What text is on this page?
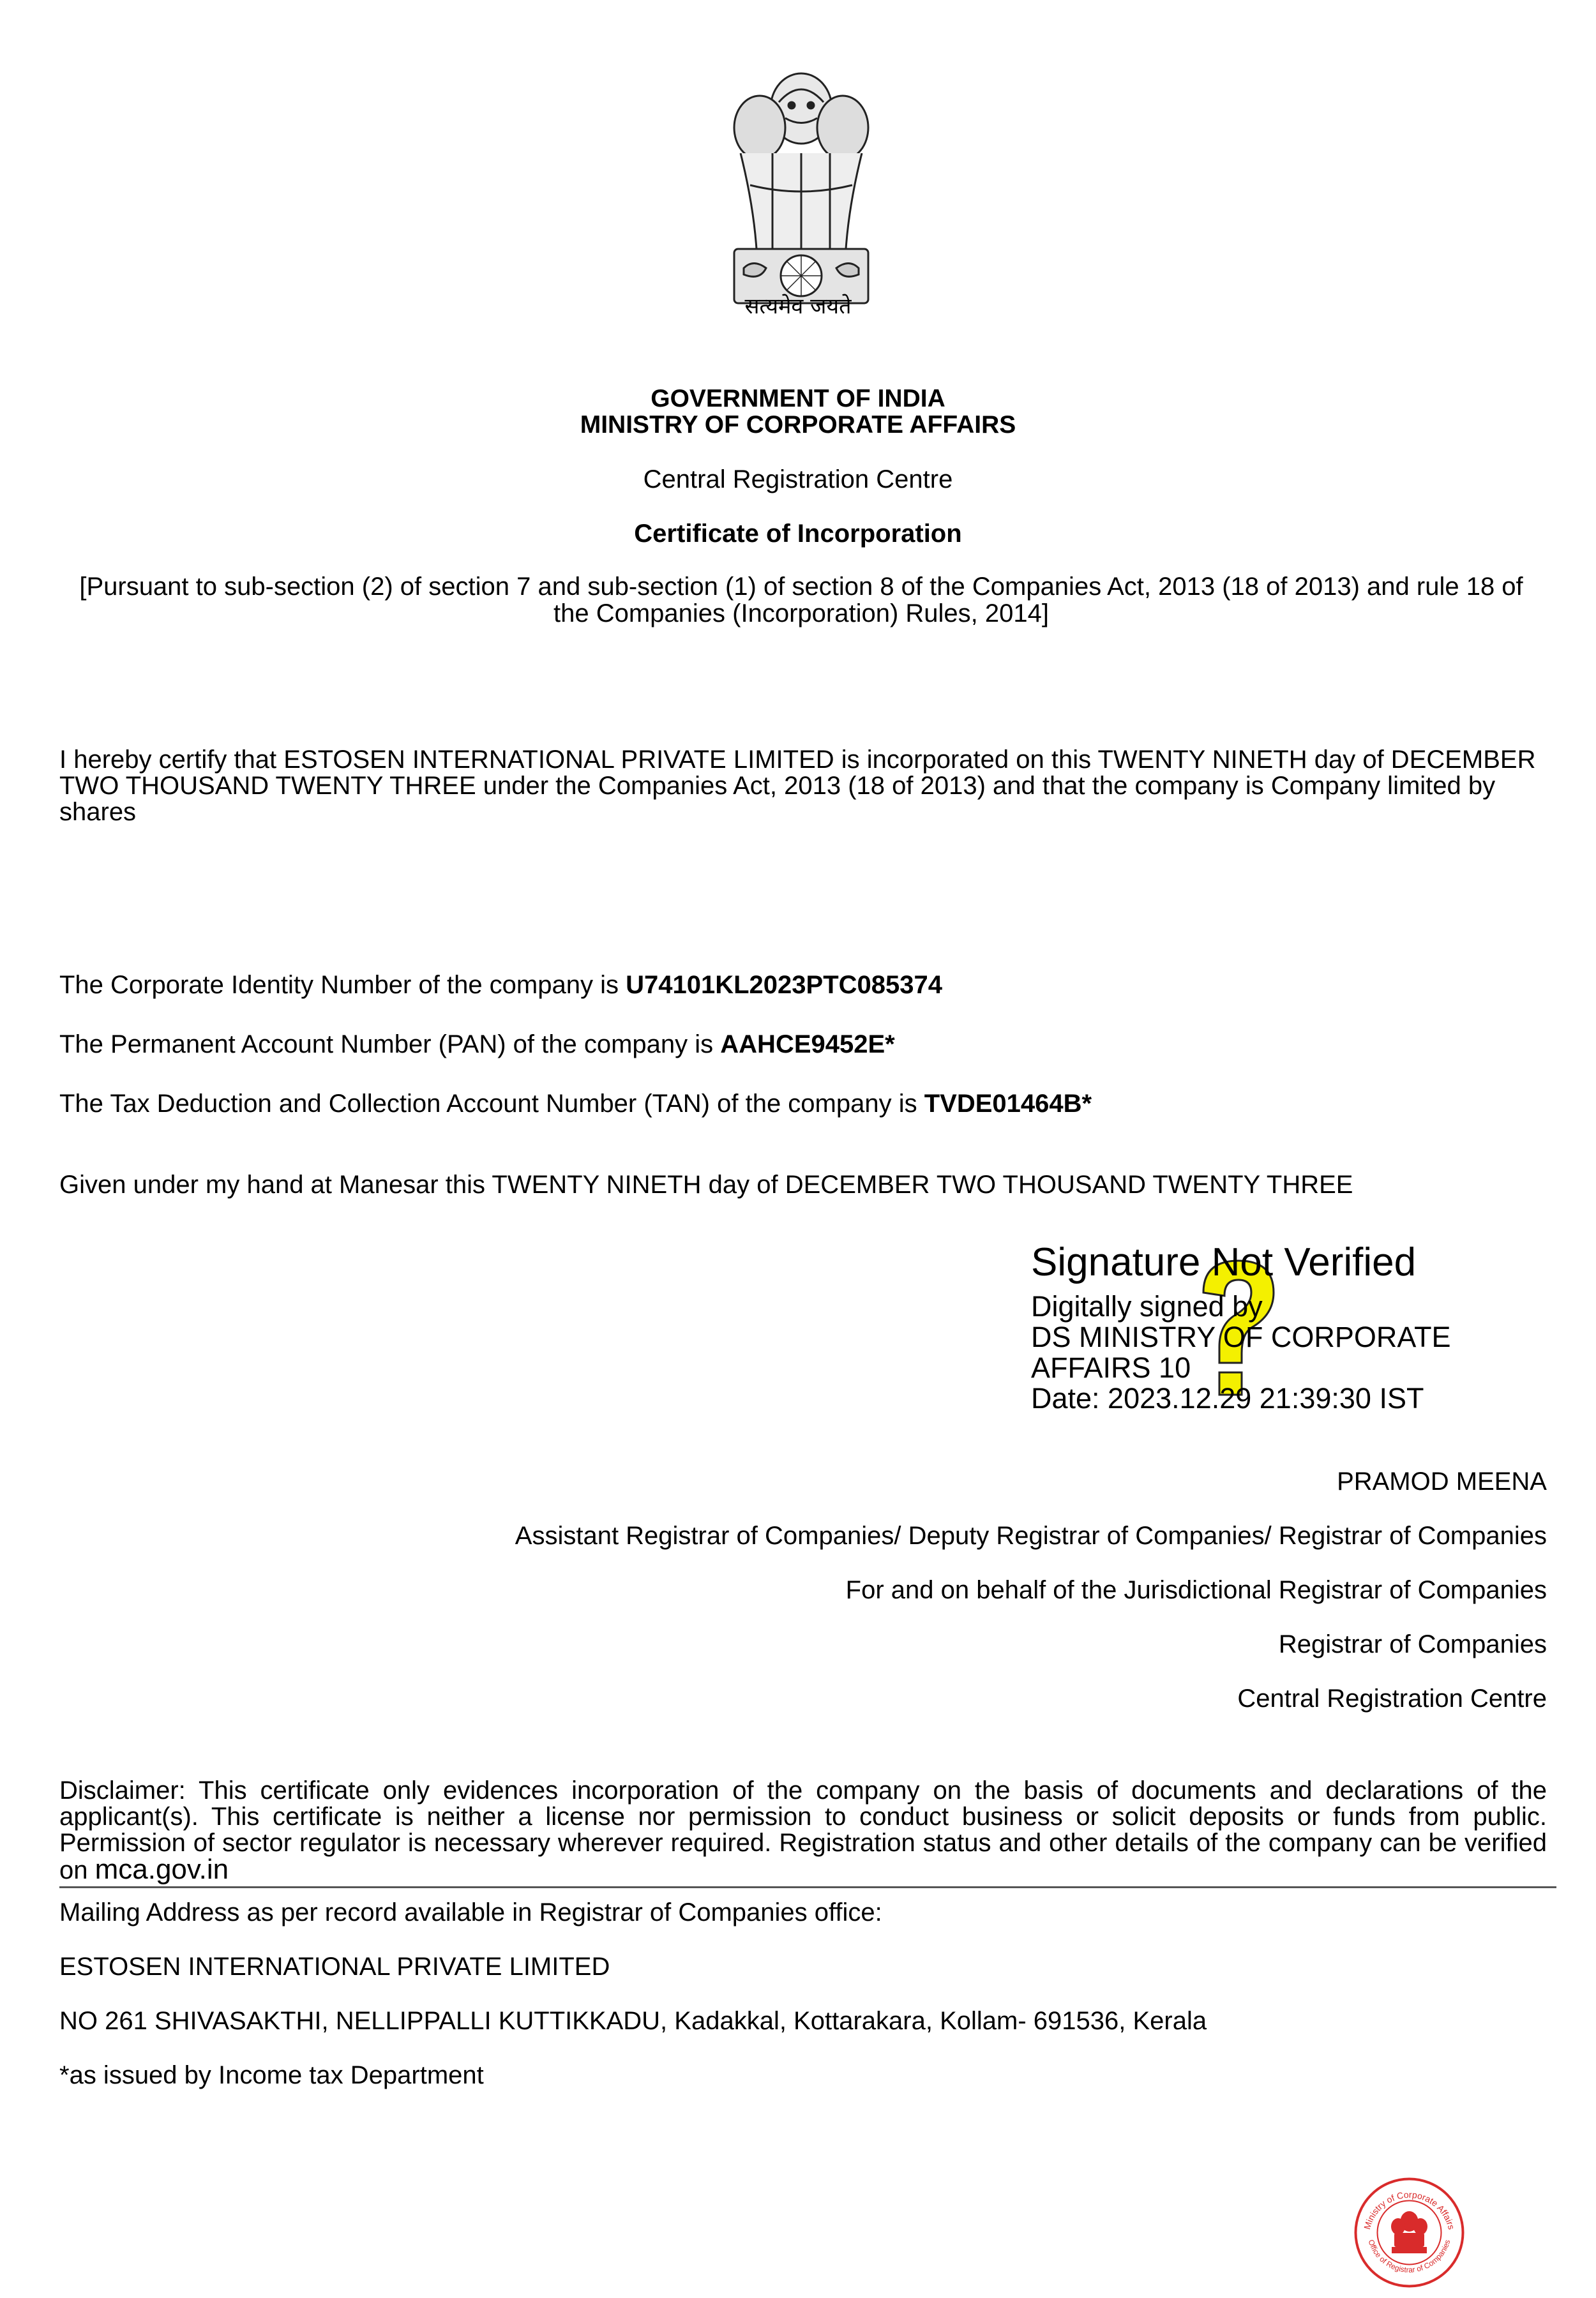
सत्यमेव जयते
GOVERNMENT OF INDIA
MINISTRY OF CORPORATE AFFAIRS
Central Registration Centre
Certificate of Incorporation
[Pursuant to sub-section (2) of section 7 and sub-section (1) of section 8 of the Companies Act, 2013 (18 of 2013) and rule 18 of the Companies (Incorporation) Rules, 2014]
I hereby certify that ESTOSEN INTERNATIONAL PRIVATE LIMITED is incorporated on this TWENTY NINETH day of DECEMBER TWO THOUSAND TWENTY THREE under the Companies Act, 2013 (18 of 2013) and that the company is Company limited by shares
The Corporate Identity Number of the company is U74101KL2023PTC085374
The Permanent Account Number (PAN) of the company is AAHCE9452E*
The Tax Deduction and Collection Account Number (TAN) of the company is TVDE01464B*
Given under my hand at Manesar this TWENTY NINETH day of DECEMBER TWO THOUSAND TWENTY THREE
Signature Not Verified
Digitally signed by
DS MINISTRY OF CORPORATE
AFFAIRS 10
Date: 2023.12.29 21:39:30 IST
PRAMOD MEENA
Assistant Registrar of Companies/ Deputy Registrar of Companies/ Registrar of Companies
For and on behalf of the Jurisdictional Registrar of Companies
Registrar of Companies
Central Registration Centre
Disclaimer: This certificate only evidences incorporation of the company on the basis of documents and declarations of the applicant(s). This certificate is neither a license nor permission to conduct business or solicit deposits or funds from public. Permission of sector regulator is necessary wherever required. Registration status and other details of the company can be verified on mca.gov.in
Mailing Address as per record available in Registrar of Companies office:
ESTOSEN INTERNATIONAL PRIVATE LIMITED
NO 261 SHIVASAKTHI, NELLIPPALLI KUTTIKKADU, Kadakkal, Kottarakara, Kollam- 691536, Kerala
*as issued by Income tax Department
Ministry of Corporate Affairs
Office of Registrar of Companies
